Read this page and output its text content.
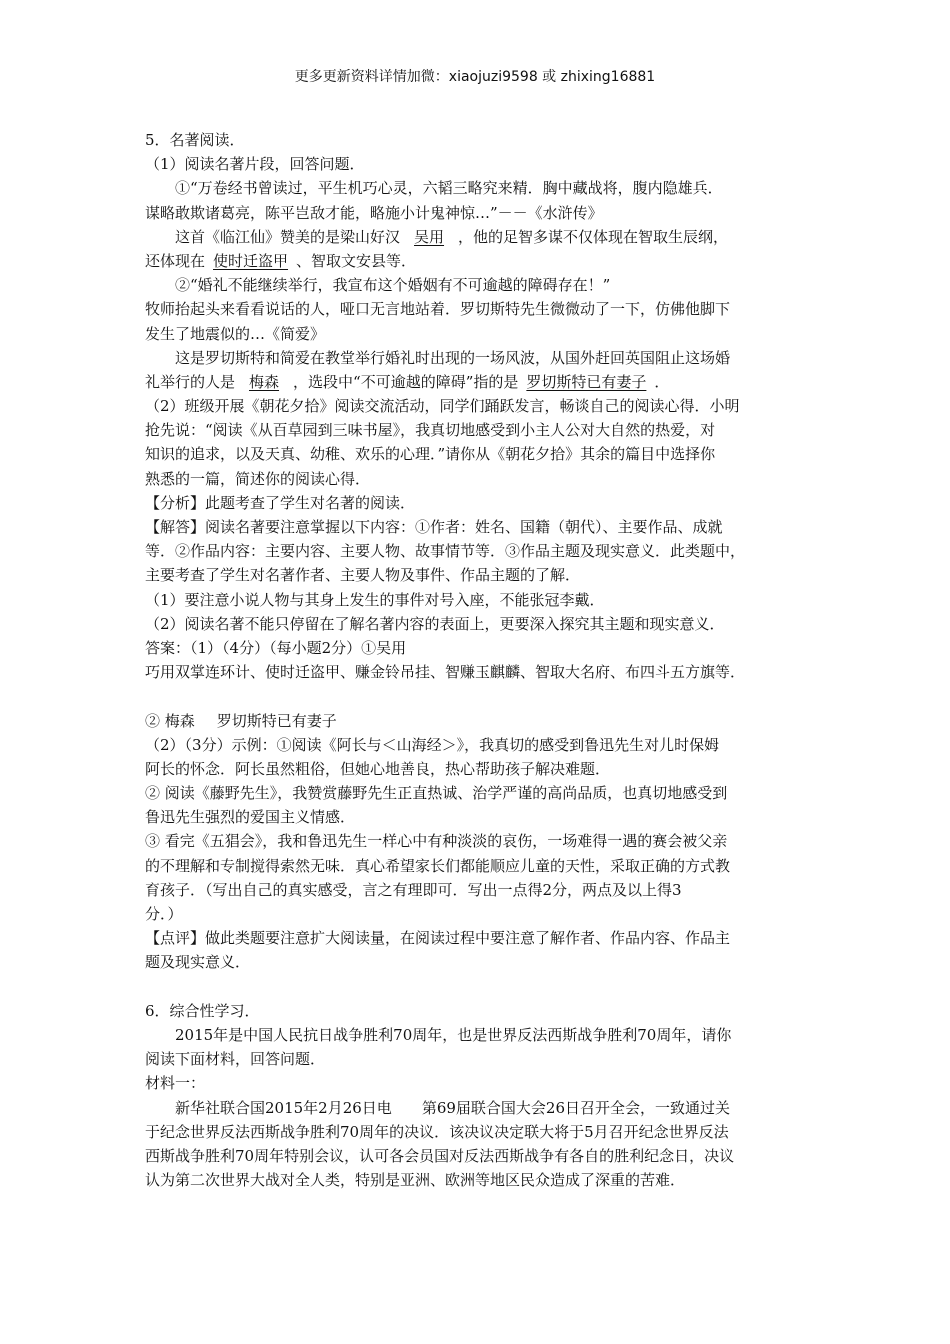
更多更新资料详情加微：xiaojuzi9598 或 zhixing16881
5．名著阅读．
（1）阅读名著片段，回答问题．
①“万卷经书曾读过，平生机巧心灵，六韬三略究来精．胸中藏战将，腹内隐雄兵．
谋略敢欺诸葛亮，陈平岂敌才能，略施小计鬼神惊…”－－《水浒传》
这首《临江仙》赞美的是梁山好汉 吴用 ，他的足智多谋不仅体现在智取生辰纲，
还体现在 使时迁盗甲 、智取文安县等．
②“婚礼不能继续举行，我宣布这个婚姻有不可逾越的障碍存在！”
牧师抬起头来看看说话的人，哑口无言地站着．罗切斯特先生微微动了一下，仿佛他脚下
发生了地震似的…《简爱》
这是罗切斯特和简爱在教堂举行婚礼时出现的一场风波，从国外赶回英国阻止这场婚
礼举行的人是 梅森 ，选段中“不可逾越的障碍”指的是 罗切斯特已有妻子 ．
（2）班级开展《朝花夕拾》阅读交流活动，同学们踊跃发言，畅谈自己的阅读心得．小明
抢先说：“阅读《从百草园到三味书屋》，我真切地感受到小主人公对大自然的热爱，对
知识的追求，以及天真、幼稚、欢乐的心理．”请你从《朝花夕拾》其余的篇目中选择你
熟悉的一篇，简述你的阅读心得．
【分析】此题考查了学生对名著的阅读．
【解答】阅读名著要注意掌握以下内容：①作者：姓名、国籍（朝代）、主要作品、成就
等．②作品内容：主要内容、主要人物、故事情节等．③作品主题及现实意义．此类题中，
主要考查了学生对名著作者、主要人物及事件、作品主题的了解．
（1）要注意小说人物与其身上发生的事件对号入座，不能张冠李戴．
（2）阅读名著不能只停留在了解名著内容的表面上，更要深入探究其主题和现实意义．
答案：（1）（4分）（每小题2分）①吴用
巧用双掌连环计、使时迁盗甲、赚金铃吊挂、智赚玉麒麟、智取大名府、布四斗五方旗等．
② 梅森 罗切斯特已有妻子
（2）（3分）示例：①阅读《阿长与＜山海经＞》，我真切的感受到鲁迅先生对儿时保姆
阿长的怀念．阿长虽然粗俗，但她心地善良，热心帮助孩子解决难题．
② 阅读《藤野先生》，我赞赏藤野先生正直热诚、治学严谨的高尚品质，也真切地感受到
鲁迅先生强烈的爱国主义情感．
③ 看完《五猖会》，我和鲁迅先生一样心中有种淡淡的哀伤，一场难得一遇的赛会被父亲
的不理解和专制搅得索然无味．真心希望家长们都能顺应儿童的天性，采取正确的方式教
育孩子．（写出自己的真实感受，言之有理即可．写出一点得2分，两点及以上得3
分．）
【点评】做此类题要注意扩大阅读量，在阅读过程中要注意了解作者、作品内容、作品主
题及现实意义．
6．综合性学习．
2015年是中国人民抗日战争胜利70周年，也是世界反法西斯战争胜利70周年，请你
阅读下面材料，回答问题．
材料一：
新华社联合国2015年2月26日电 第69届联合国大会26日召开全会，一致通过关
于纪念世界反法西斯战争胜利70周年的决议．该决议决定联大将于5月召开纪念世界反法
西斯战争胜利70周年特别会议，认可各会员国对反法西斯战争有各自的胜利纪念日，决议
认为第二次世界大战对全人类，特别是亚洲、欧洲等地区民众造成了深重的苦难．
